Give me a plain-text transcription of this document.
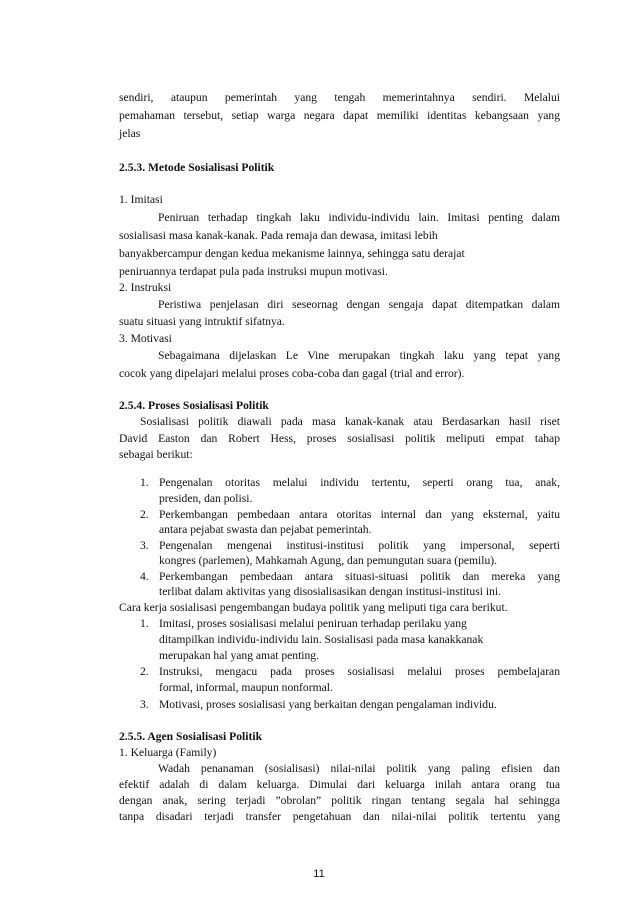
sendiri, ataupun pemerintah yang tengah memerintahnya sendiri. Melalui
pemahaman tersebut, setiap warga negara dapat memiliki identitas kebangsaan yang
jelas
2.5.3. Metode Sosialisasi Politik
1. Imitasi
Peniruan terhadap tingkah laku individu-individu lain. Imitasi penting dalam
sosialisasi masa kanak-kanak. Pada remaja dan dewasa, imitasi lebih
banyakbercampur dengan kedua mekanisme lainnya, sehingga satu derajat
peniruannya terdapat pula pada instruksi mupun motivasi.
2. Instruksi
Peristiwa penjelasan diri seseornag dengan sengaja dapat ditempatkan dalam
suatu situasi yang intruktif sifatnya.
3. Motivasi
Sebagaimana dijelaskan Le Vine merupakan tingkah laku yang tepat yang
cocok yang dipelajari melalui proses coba-coba dan gagal (trial and error).
2.5.4. Proses Sosialisasi Politik
Sosialisasi politik diawali pada masa kanak-kanak atau Berdasarkan hasil riset
David Easton dan Robert Hess, proses sosialisasi politik meliputi empat tahap
sebagai berikut:
1. Pengenalan otoritas melalui individu tertentu, seperti orang tua, anak,
presiden, dan polisi.
2. Perkembangan pembedaan antara otoritas internal dan yang eksternal, yaitu
antara pejabat swasta dan pejabat pemerintah.
3. Pengenalan mengenai institusi-institusi politik yang impersonal, seperti
kongres (parlemen), Mahkamah Agung, dan pemungutan suara (pemilu).
4. Perkembangan pembedaan antara situasi-situasi politik dan mereka yang
terlibat dalam aktivitas yang disosialisasikan dengan institusi-institusi ini.
Cara kerja sosialisasi pengembangan budaya politik yang meliputi tiga cara berikut.
1. Imitasi, proses sosialisasi melalui peniruan terhadap perilaku yang
ditampilkan individu-individu lain. Sosialisasi pada masa kanakkanak
merupakan hal yang amat penting.
2. Instruksi, mengacu pada proses sosialisasi melalui proses pembelajaran
formal, informal, maupun nonformal.
3. Motivasi, proses sosialisasi yang berkaitan dengan pengalaman individu.
2.5.5. Agen Sosialisasi Politik
1. Keluarga (Family)
Wadah penanaman (sosialisasi) nilai-nilai politik yang paling efisien dan
efektif adalah di dalam keluarga. Dimulai dari keluarga inilah antara orang tua
dengan anak, sering terjadi ”obrolan” politik ringan tentang segala hal sehingga
tanpa disadari terjadi transfer pengetahuan dan nilai-nilai politik tertentu yang
11
